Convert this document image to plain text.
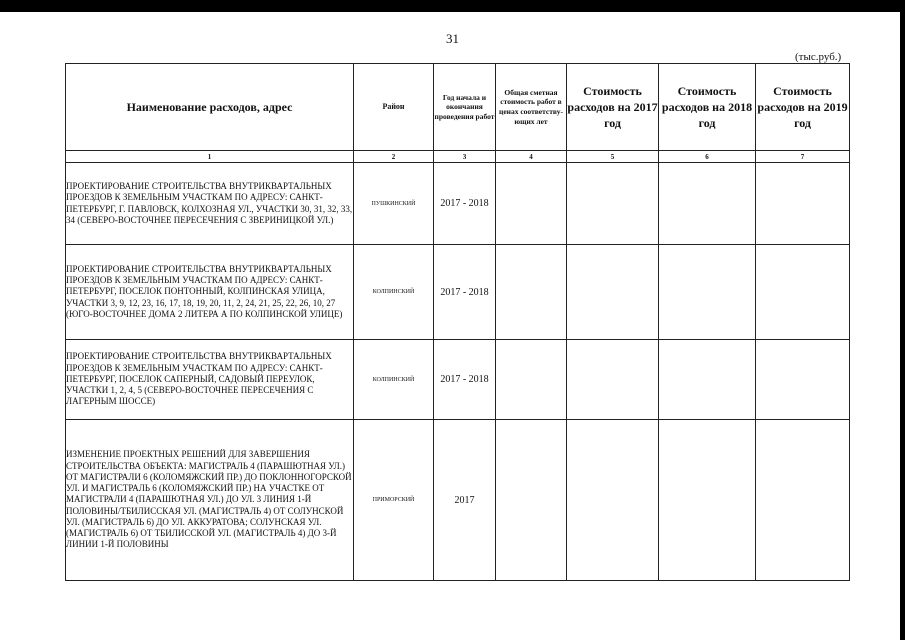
31
(тыс.руб.)
Наименование расходов, адрес	Район	Год начала и окончания проведения работ	Общая сметная стоимость работ в ценах соответству-ющих лет	Стоимость расходов на 2017 год	Стоимость расходов на 2018 год	Стоимость расходов на 2019 год
1	2	3	4	5	6	7
ПРОЕКТИРОВАНИЕ СТРОИТЕЛЬСТВА ВНУТРИКВАРТАЛЬНЫХ ПРОЕЗДОВ К ЗЕМЕЛЬНЫМ УЧАСТКАМ ПО АДРЕСУ: САНКТ-ПЕТЕРБУРГ, Г. ПАВЛОВСК, КОЛХОЗНАЯ УЛ., УЧАСТКИ 30, 31, 32, 33, 34 (СЕВЕРО-ВОСТОЧНЕЕ ПЕРЕСЕЧЕНИЯ С ЗВЕРИНИЦКОЙ УЛ.)	ПУШКИНСКИЙ	2017 - 2018				
ПРОЕКТИРОВАНИЕ СТРОИТЕЛЬСТВА ВНУТРИКВАРТАЛЬНЫХ ПРОЕЗДОВ К ЗЕМЕЛЬНЫМ УЧАСТКАМ ПО АДРЕСУ: САНКТ-ПЕТЕРБУРГ, ПОСЕЛОК ПОНТОННЫЙ, КОЛПИНСКАЯ УЛИЦА, УЧАСТКИ 3, 9, 12, 23, 16, 17, 18, 19, 20, 11, 2, 24, 21, 25, 22, 26, 10, 27 (ЮГО-ВОСТОЧНЕЕ ДОМА 2 ЛИТЕРА А ПО КОЛПИНСКОЙ УЛИЦЕ)	КОЛПИНСКИЙ	2017 - 2018				
ПРОЕКТИРОВАНИЕ СТРОИТЕЛЬСТВА ВНУТРИКВАРТАЛЬНЫХ ПРОЕЗДОВ К ЗЕМЕЛЬНЫМ УЧАСТКАМ ПО АДРЕСУ: САНКТ-ПЕТЕРБУРГ, ПОСЕЛОК САПЕРНЫЙ, САДОВЫЙ ПЕРЕУЛОК, УЧАСТКИ 1, 2, 4, 5 (СЕВЕРО-ВОСТОЧНЕЕ ПЕРЕСЕЧЕНИЯ С ЛАГЕРНЫМ ШОССЕ)	КОЛПИНСКИЙ	2017 - 2018				
ИЗМЕНЕНИЕ ПРОЕКТНЫХ РЕШЕНИЙ ДЛЯ ЗАВЕРШЕНИЯ СТРОИТЕЛЬСТВА ОБЪЕКТА: МАГИСТРАЛЬ 4 (ПАРАШЮТНАЯ УЛ.) ОТ МАГИСТРАЛИ 6 (КОЛОМЯЖСКИЙ ПР.) ДО ПОКЛОННОГОРСКОЙ УЛ. И МАГИСТРАЛЬ 6 (КОЛОМЯЖСКИЙ ПР.) НА УЧАСТКЕ ОТ МАГИСТРАЛИ 4 (ПАРАШЮТНАЯ УЛ.) ДО УЛ. 3 ЛИНИЯ 1-Й ПОЛОВИНЫ/ТБИЛИССКАЯ УЛ. (МАГИСТРАЛЬ 4) ОТ СОЛУНСКОЙ УЛ. (МАГИСТРАЛЬ 6) ДО УЛ. АККУРАТОВА; СОЛУНСКАЯ УЛ. (МАГИСТРАЛЬ 6) ОТ ТБИЛИССКОЙ УЛ. (МАГИСТРАЛЬ 4) ДО 3-Й ЛИНИИ 1-Й ПОЛОВИНЫ	ПРИМОРСКИЙ	2017				
